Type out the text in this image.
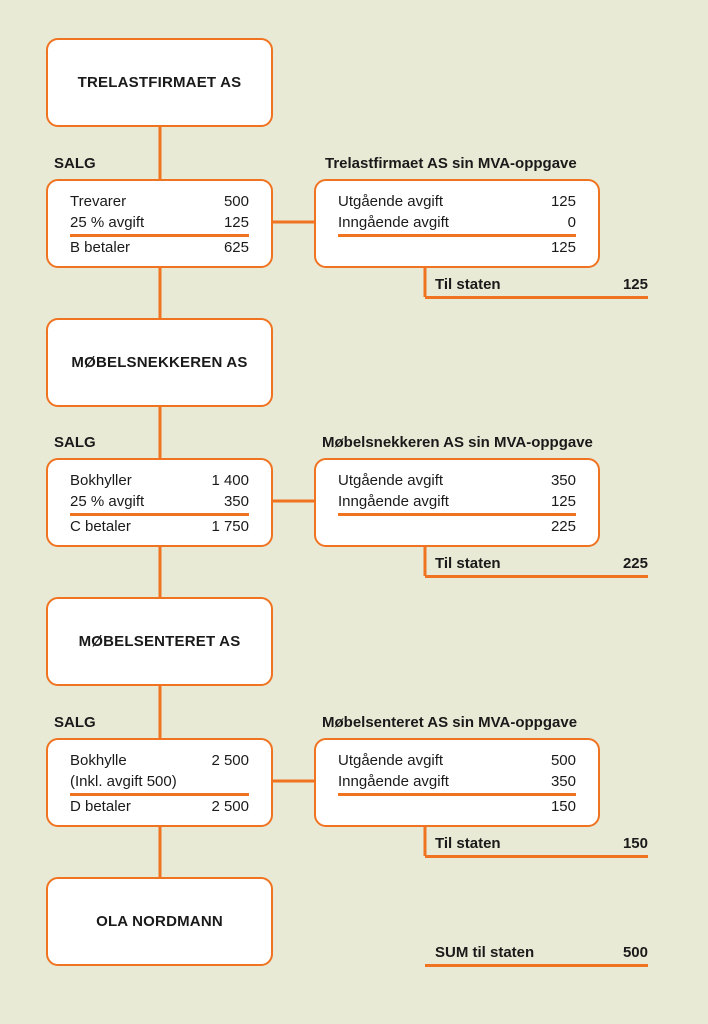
TRELASTFIRMAET AS
SALG	Trelastfirmaet AS sin MVA-oppgave
Trevarer	500
25 % avgift	125
B betaler	625
Utgående avgift	125
Inngående avgift	0
125
Til staten	125
MØBELSNEKKEREN AS
SALG	Møbelsnekkeren AS sin MVA-oppgave
Bokhyller	1 400
25 % avgift	350
C betaler	1 750
Utgående avgift	350
Inngående avgift	125
225
Til staten	225
MØBELSENTERET AS
SALG	Møbelsenteret AS sin MVA-oppgave
Bokhylle	2 500
(Inkl. avgift 500)
D betaler	2 500
Utgående avgift	500
Inngående avgift	350
150
Til staten	150
OLA NORDMANN
SUM til staten	500
